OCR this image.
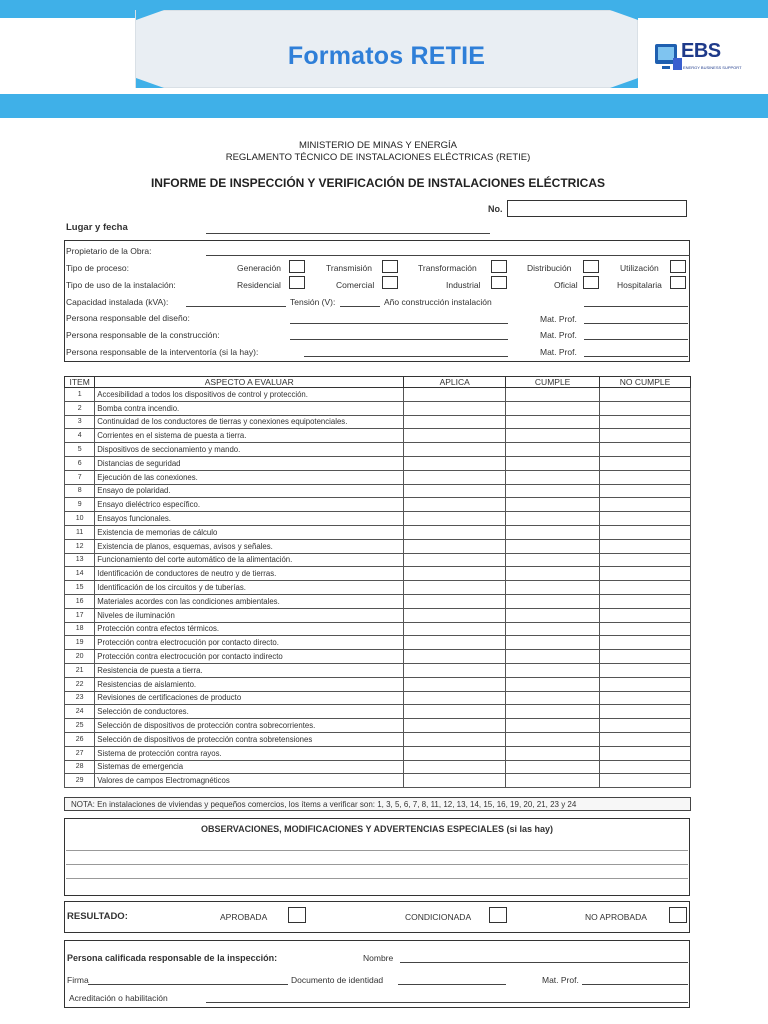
Formatos RETIE	EBS
ENERGY BUSINESS SUPPORT
MINISTERIO DE MINAS Y ENERGÍA
REGLAMENTO TÉCNICO DE INSTALACIONES ELÉCTRICAS (RETIE)
INFORME DE INSPECCIÓN Y VERIFICACIÓN DE INSTALACIONES ELÉCTRICAS
No.
Lugar y fecha
Propietario de la Obra:
Tipo de proceso:	Generación	Transmisión	Transformación	Distribución	Utilización
Tipo de uso de la instalación:	Residencial	Comercial	Industrial	Oficial	Hospitalaria
Capacidad instalada (kVA):	Tensión (V):	Año construcción instalación
Persona responsable del diseño:	Mat. Prof.
Persona responsable de la construcción:	Mat. Prof.
Persona responsable de la interventoría (si la hay):	Mat. Prof.
ITEM	ASPECTO A EVALUAR	APLICA	CUMPLE	NO CUMPLE
1	Accesibilidad a todos los dispositivos de control y protección.			
2	Bomba contra incendio.			
3	Continuidad de los conductores de tierras y conexiones equipotenciales.			
4	Corrientes en el sistema de puesta a tierra.			
5	Dispositivos de seccionamiento y mando.			
6	Distancias de seguridad			
7	Ejecución de las conexiones.			
8	Ensayo de polaridad.			
9	Ensayo dieléctrico específico.			
10	Ensayos funcionales.			
11	Existencia de memorias de cálculo			
12	Existencia de planos, esquemas, avisos y señales.			
13	Funcionamiento del corte automático de la alimentación.			
14	Identificación de conductores de neutro y de tierras.			
15	Identificación de los circuitos y de tuberías.			
16	Materiales acordes con las condiciones ambientales.			
17	Niveles de iluminación			
18	Protección contra efectos térmicos.			
19	Protección contra electrocución por contacto directo.			
20	Protección contra electrocución por contacto indirecto			
21	Resistencia de puesta a tierra.			
22	Resistencias de aislamiento.			
23	Revisiones de certificaciones de producto			
24	Selección de conductores.			
25	Selección de dispositivos de protección contra sobrecorrientes.			
26	Selección de dispositivos de protección contra sobretensiones			
27	Sistema de protección contra rayos.			
28	Sistemas de emergencia			
29	Valores de campos Electromagnéticos			
NOTA: En instalaciones de viviendas y pequeños comercios, los ítems a verificar son: 1, 3, 5, 6, 7, 8, 11, 12, 13, 14, 15, 16, 19, 20, 21, 23 y 24
OBSERVACIONES, MODIFICACIONES Y ADVERTENCIAS ESPECIALES (si las hay)
RESULTADO:	APROBADA	CONDICIONADA	NO APROBADA
Persona calificada responsable de la inspección:	Nombre
Firma	Documento de identidad	Mat. Prof.
Acreditación o habilitación
